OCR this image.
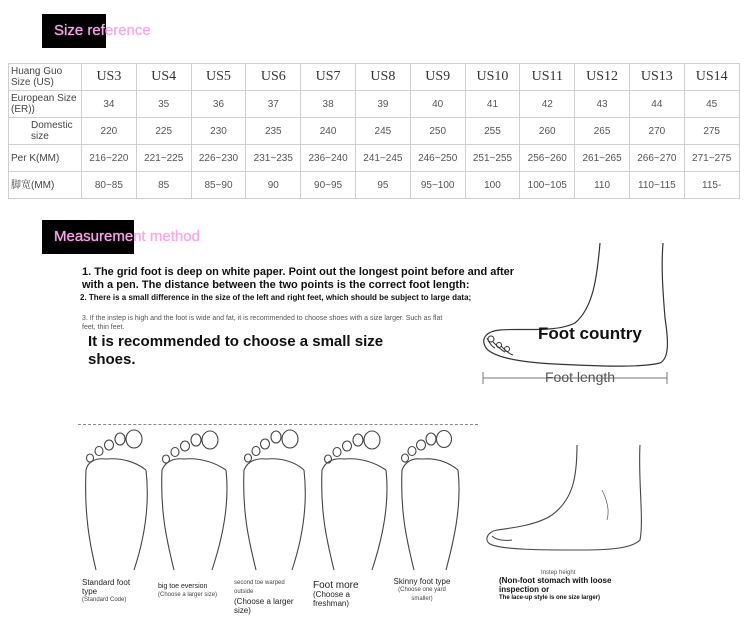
Size reference
Huang Guo Size (US)	US3	US4	US5	US6	US7	US8	US9	US10	US11	US12	US13	US14
European Size (ER))	34	35	36	37	38	39	40	41	42	43	44	45
Domestic size	220	225	230	235	240	245	250	255	260	265	270	275
Per K(MM)	216~220	221~225	226~230	231~235	236~240	241~245	246~250	251~255	256~260	261~265	266~270	271~275
脚宽(MM)	80~85	85	85~90	90	90~95	95	95~100	100	100~105	110	110~115	115-
Measurement method
1. The grid foot is deep on white paper. Point out the longest point before and after with a pen. The distance between the two points is the correct foot length:
2. There is a small difference in the size of the left and right feet, which should be subject to large data;
3. If the instep is high and the foot is wide and fat, it is recommended to choose shoes with a size larger. Such as flat feet, thin feet.
It is recommended to choose a small size shoes.
Foot country
Foot length
Standard foot type
(Standard Code)
big toe eversion
(Choose a larger size)
second toe warped outside
(Choose a larger size)
Foot more
(Choose a freshman)
Skinny foot type
(Choose one yard smaller)
Instep height
(Non-foot stomach with loose inspection or
The lace-up style is one size larger)
